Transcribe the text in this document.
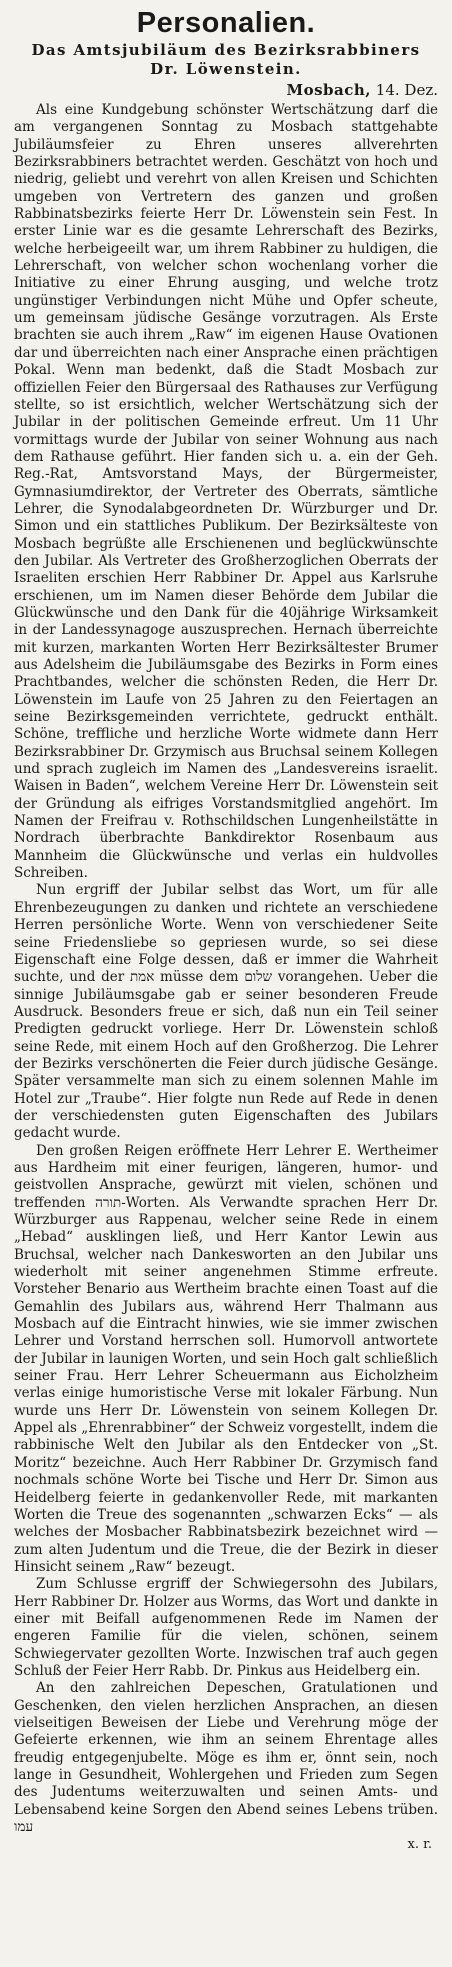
Personalien.
Das Amtsjubiläum des Bezirksrabbiners Dr. Löwenstein.
Mosbach, 14. Dez.

Als eine Kundgebung schönster Wertschätzung darf die am vergangenen Sonntag zu Mosbach stattgehabte Jubiläumsfeier zu Ehren unseres allverehrten Bezirksrabbiners betrachtet werden. Geschätzt von hoch und niedrig, geliebt und verehrt von allen Kreisen und Schichten umgeben von Vertretern des ganzen und großen Rabbinatsbezirks feierte Herr Dr. Löwenstein sein Fest. In erster Linie war es die gesamte Lehrerschaft des Bezirks, welche herbeigeeilt war, um ihrem Rabbiner zu huldigen, die Lehrerschaft, von welcher schon wochenlang vorher die Initiative zu einer Ehrung ausging, und welche trotz ungünstiger Verbindungen nicht Mühe und Opfer scheute, um gemeinsam jüdische Gesänge vorzutragen. Als Erste brachten sie auch ihrem „Raw“ im eigenen Hause Ovationen dar und überreichten nach einer Ansprache einen prächtigen Pokal. Wenn man bedenkt, daß die Stadt Mosbach zur offiziellen Feier den Bürgersaal des Rathauses zur Verfügung stellte, so ist ersichtlich, welcher Wertschätzung sich der Jubilar in der politischen Gemeinde erfreut. Um 11 Uhr vormittags wurde der Jubilar von seiner Wohnung aus nach dem Rathause geführt. Hier fanden sich u. a. ein der Geh. Reg.-Rat, Amtsvorstand Mays, der Bürgermeister, Gymnasiumdirektor, der Vertreter des Oberrats, sämtliche Lehrer, die Synodalabgeordneten Dr. Würzburger und Dr. Simon und ein stattliches Publikum. Der Bezirksälteste von Mosbach begrüßte alle Erschienenen und beglückwünschte den Jubilar. Als Vertreter des Großherzoglichen Oberrats der Israeliten erschien Herr Rabbiner Dr. Appel aus Karlsruhe erschienen, um im Namen dieser Behörde dem Jubilar die Glückwünsche und den Dank für die 40jährige Wirksamkeit in der Landessynagoge auszusprechen. Hernach überreichte mit kurzen, markanten Worten Herr Bezirksältester Brumer aus Adelsheim die Jubiläumsgabe des Bezirks in Form eines Prachtbandes, welcher die schönsten Reden, die Herr Dr. Löwenstein im Laufe von 25 Jahren zu den Feiertagen an seine Bezirksgemeinden verrichtete, gedruckt enthält. Schöne, treffliche und herzliche Worte widmete dann Herr Bezirksrabbiner Dr. Grzymisch aus Bruchsal seinem Kollegen und sprach zugleich im Namen des „Landesvereins israelit. Waisen in Baden“, welchem Vereine Herr Dr. Löwenstein seit der Gründung als eifriges Vorstandsmitglied angehört. Im Namen der Freifrau v. Rothschildschen Lungenheilstätte in Nordrach überbrachte Bankdirektor Rosenbaum aus Mannheim die Glückwünsche und verlas ein huldvolles Schreiben.

Nun ergriff der Jubilar selbst das Wort, um für alle Ehrenbezeugungen zu danken und richtete an verschiedene Herren persönliche Worte. Wenn von verschiedener Seite seine Friedensliebe so gepriesen wurde, so sei diese Eigenschaft eine Folge dessen, daß er immer die Wahrheit suchte, und der אמת müsse dem שלום vorangehen. Ueber die sinnige Jubiläumsgabe gab er seiner besonderen Freude Ausdruck. Besonders freue er sich, daß nun ein Teil seiner Predigten gedruckt vorliege. Herr Dr. Löwenstein schloß seine Rede, mit einem Hoch auf den Großherzog. Die Lehrer der Bezirks verschönerten die Feier durch jüdische Gesänge. Später versammelte man sich zu einem solennen Mahle im Hotel zur „Traube“. Hier folgte nun Rede auf Rede in denen der verschiedensten guten Eigenschaften des Jubilars gedacht wurde.

Den großen Reigen eröffnete Herr Lehrer E. Wertheimer aus Hardheim mit einer feurigen, längeren, humor- und geistvollen Ansprache, gewürzt mit vielen, schönen und treffenden תורה-Worten. Als Verwandte sprachen Herr Dr. Würzburger aus Rappenau, welcher seine Rede in einem „Hebad“ ausklingen ließ, und Herr Kantor Lewin aus Bruchsal, welcher nach Dankesworten an den Jubilar uns wiederholt mit seiner angenehmen Stimme erfreute. Vorsteher Benario aus Wertheim brachte einen Toast auf die Gemahlin des Jubilars aus, während Herr Thalmann aus Mosbach auf die Eintracht hinwies, wie sie immer zwischen Lehrer und Vorstand herrschen soll. Humorvoll antwortete der Jubilar in launigen Worten, und sein Hoch galt schließlich seiner Frau. Herr Lehrer Scheuermann aus Eicholzheim verlas einige humoristische Verse mit lokaler Färbung. Nun wurde uns Herr Dr. Löwenstein von seinem Kollegen Dr. Appel als „Ehrenrabbiner“ der Schweiz vorgestellt, indem die rabbinische Welt den Jubilar als den Entdecker von „St. Moritz“ bezeichne. Auch Herr Rabbiner Dr. Grzymisch fand nochmals schöne Worte bei Tische und Herr Dr. Simon aus Heidelberg feierte in gedankenvoller Rede, mit markanten Worten die Treue des sogenannten „schwarzen Ecks“ — als welches der Mosbacher Rabbinatsbezirk bezeichnet wird — zum alten Judentum und die Treue, die der Bezirk in dieser Hinsicht seinem „Raw“ bezeugt.

Zum Schlusse ergriff der Schwiegersohn des Jubilars, Herr Rabbiner Dr. Holzer aus Worms, das Wort und dankte in einer mit Beifall aufgenommenen Rede im Namen der engeren Familie für die vielen, schönen, seinem Schwiegervater gezollten Worte. Inzwischen traf auch gegen Schluß der Feier Herr Rabb. Dr. Pinkus aus Heidelberg ein.

An den zahlreichen Depeschen, Gratulationen und Geschenken, den vielen herzlichen Ansprachen, an diesen vielseitigen Beweisen der Liebe und Verehrung möge der Gefeierte erkennen, wie ihm an seinem Ehrentage alles freudig entgegenjubelte. Möge es ihm er, önnt sein, noch lange in Gesundheit, Wohlergehen und Frieden zum Segen des Judentums weiterzuwalten und seinen Amts- und Lebensabend keine Sorgen den Abend seines Lebens trüben. עמו

x. r.
